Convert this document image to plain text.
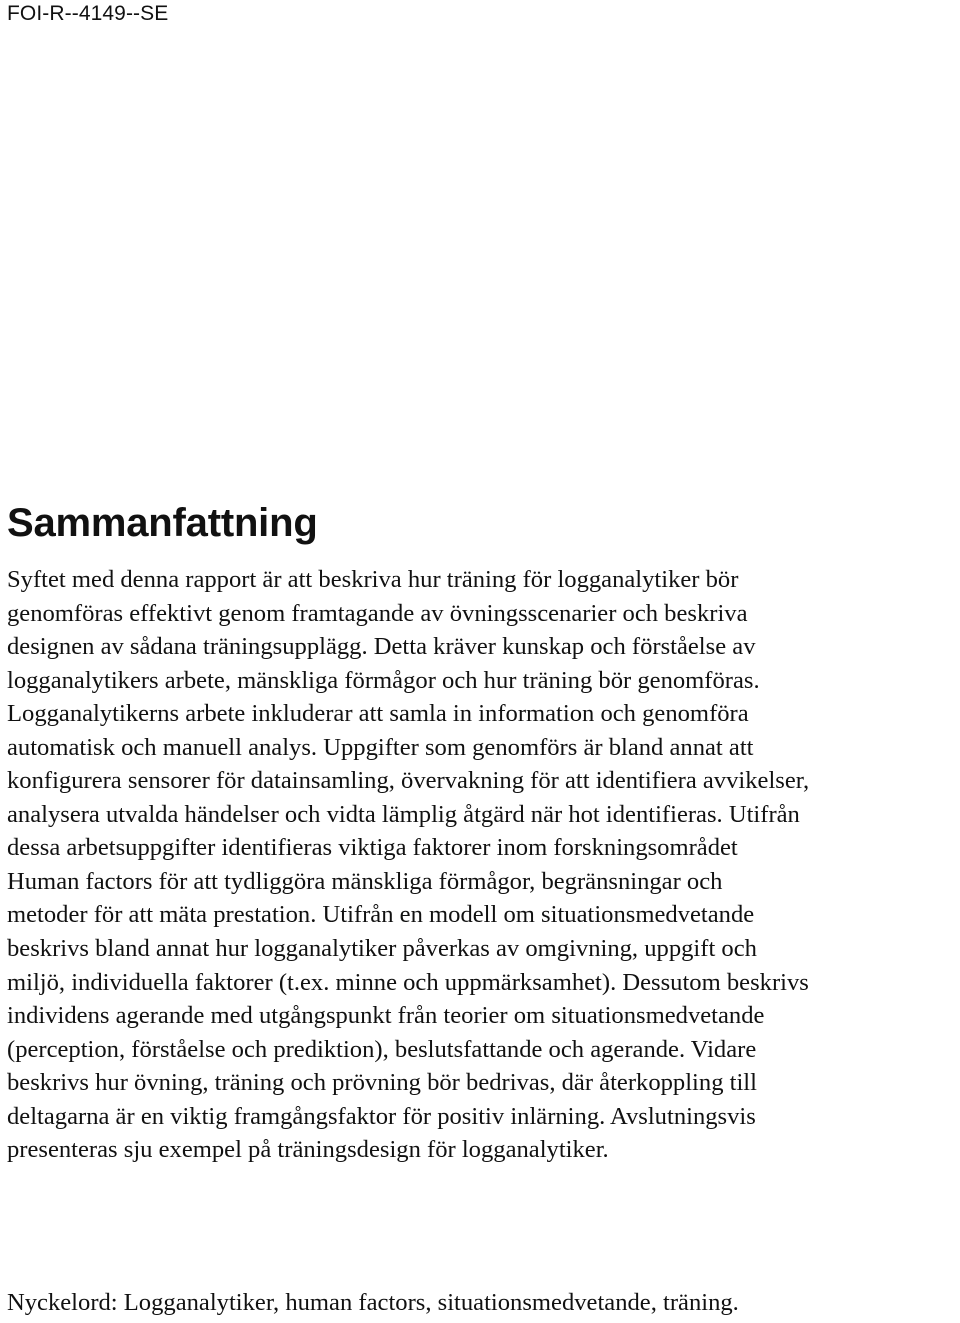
FOI-R--4149--SE
Sammanfattning

Syftet med denna rapport är att beskriva hur träning för logganalytiker bör
genomföras effektivt genom framtagande av övningsscenarier och beskriva
designen av sådana träningsupplägg. Detta kräver kunskap och förståelse av
logganalytikers arbete, mänskliga förmågor och hur träning bör genomföras.
Logganalytikerns arbete inkluderar att samla in information och genomföra
automatisk och manuell analys. Uppgifter som genomförs är bland annat att
konfigurera sensorer för datainsamling, övervakning för att identifiera avvikelser,
analysera utvalda händelser och vidta lämplig åtgärd när hot identifieras. Utifrån
dessa arbetsuppgifter identifieras viktiga faktorer inom forskningsområdet
Human factors för att tydliggöra mänskliga förmågor, begränsningar och
metoder för att mäta prestation. Utifrån en modell om situationsmedvetande
beskrivs bland annat hur logganalytiker påverkas av omgivning, uppgift och
miljö, individuella faktorer (t.ex. minne och uppmärksamhet). Dessutom beskrivs
individens agerande med utgångspunkt från teorier om situationsmedvetande
(perception, förståelse och prediktion), beslutsfattande och agerande. Vidare
beskrivs hur övning, träning och prövning bör bedrivas, där återkoppling till
deltagarna är en viktig framgångsfaktor för positiv inlärning. Avslutningsvis
presenteras sju exempel på träningsdesign för logganalytiker.

Nyckelord: Logganalytiker, human factors, situationsmedvetande, träning.
